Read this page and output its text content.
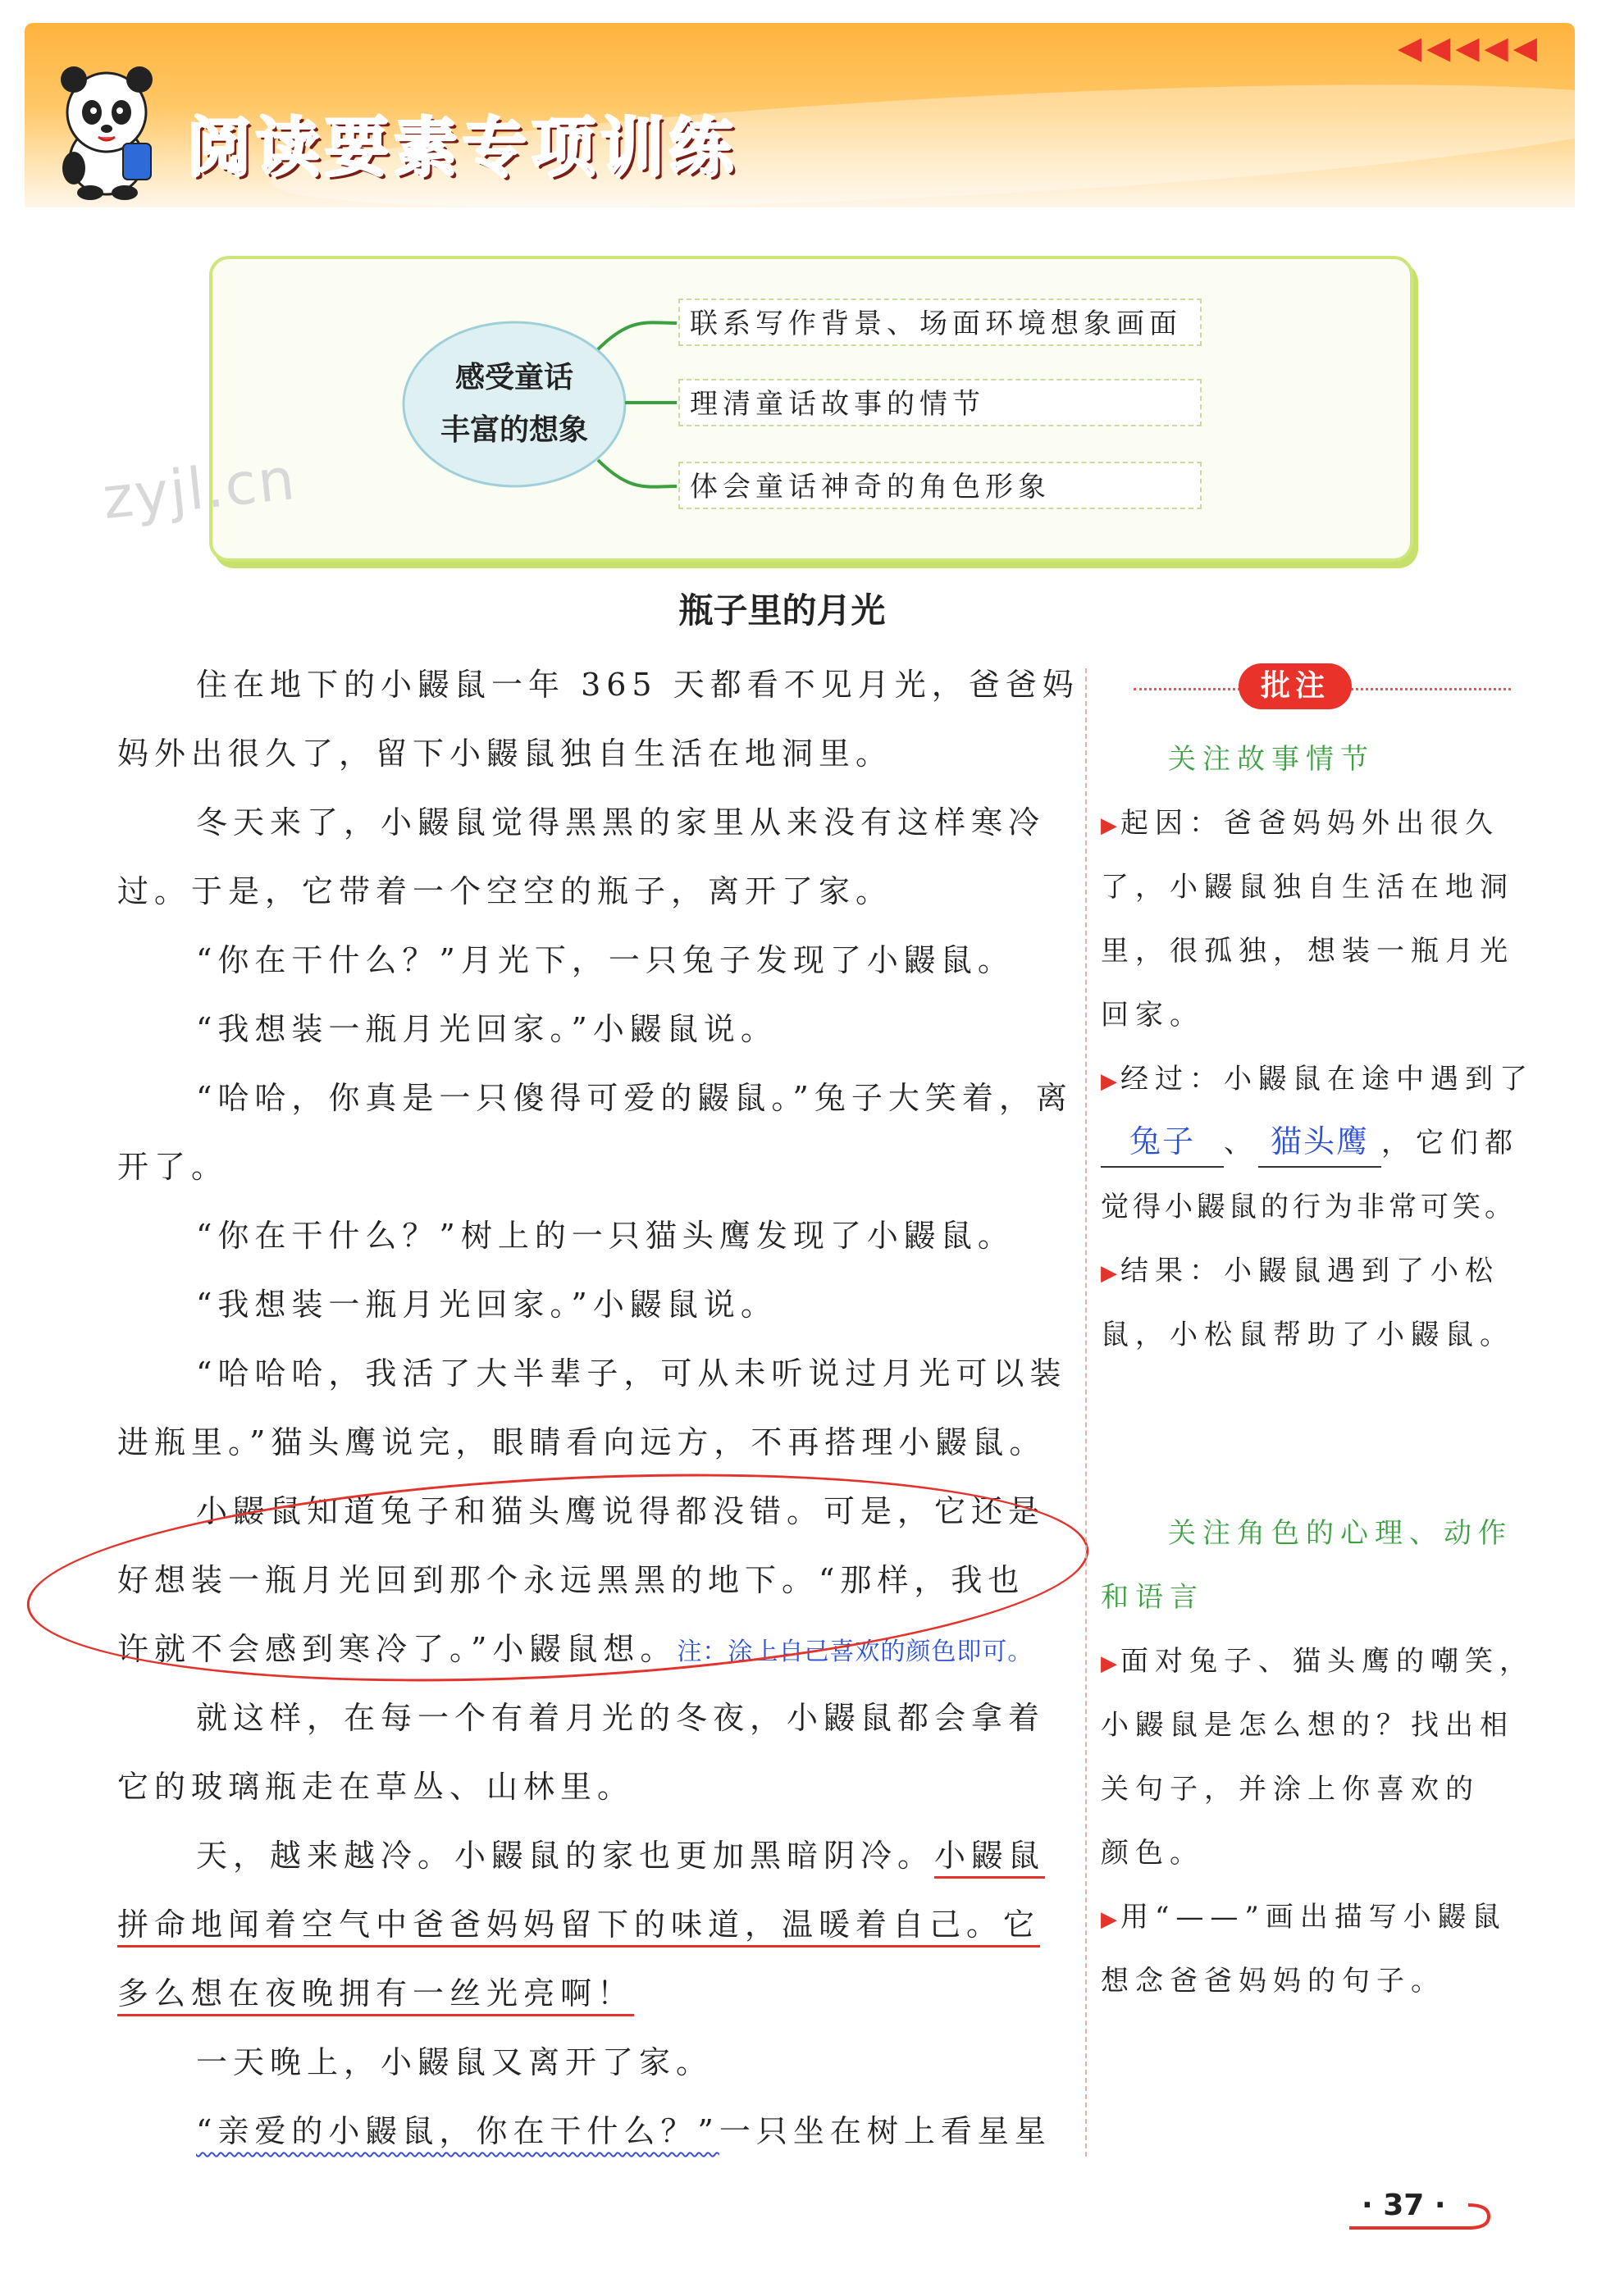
◀◀◀◀◀
阅读要素专项训练
感受童话
丰富的想象
联系写作背景、场面环境想象画面
理清童话故事的情节
体会童话神奇的角色形象
zyjl.cn
瓶子里的月光
住在地下的小鼹鼠一年 365 天都看不见月光，爸爸妈
妈外出很久了，留下小鼹鼠独自生活在地洞里。
冬天来了，小鼹鼠觉得黑黑的家里从来没有这样寒冷
过。于是，它带着一个空空的瓶子，离开了家。
“你在干什么？”月光下，一只兔子发现了小鼹鼠。
“我想装一瓶月光回家。”小鼹鼠说。
“哈哈，你真是一只傻得可爱的鼹鼠。”兔子大笑着，离
开了。
“你在干什么？”树上的一只猫头鹰发现了小鼹鼠。
“我想装一瓶月光回家。”小鼹鼠说。
“哈哈哈，我活了大半辈子，可从未听说过月光可以装
进瓶里。”猫头鹰说完，眼睛看向远方，不再搭理小鼹鼠。
小鼹鼠知道兔子和猫头鹰说得都没错。可是，它还是
好想装一瓶月光回到那个永远黑黑的地下。“那样，我也
许就不会感到寒冷了。”小鼹鼠想。注：涂上自己喜欢的颜色即可。
就这样，在每一个有着月光的冬夜，小鼹鼠都会拿着
它的玻璃瓶走在草丛、山林里。
天，越来越冷。小鼹鼠的家也更加黑暗阴冷。小鼹鼠
拼命地闻着空气中爸爸妈妈留下的味道，温暖着自己。它
多么想在夜晚拥有一丝光亮啊！
一天晚上，小鼹鼠又离开了家。
“亲爱的小鼹鼠，你在干什么？”一只坐在树上看星星
批注
关注故事情节
▶ 起因：爸爸妈妈外出很久
了，小鼹鼠独自生活在地洞
里，很孤独，想装一瓶月光
回家。
▶ 经过：小鼹鼠在途中遇到了
兔子 、 猫头鹰 ，它们都
觉得小鼹鼠的行为非常可笑。
▶ 结果：小鼹鼠遇到了小松
鼠，小松鼠帮助了小鼹鼠。
关注角色的心理、动作
和语言
▶ 面对兔子、猫头鹰的嘲笑，
小鼹鼠是怎么想的？找出相
关句子，并涂上你喜欢的
颜色。
▶ 用“——”画出描写小鼹鼠
想念爸爸妈妈的句子。
· 37 ·
